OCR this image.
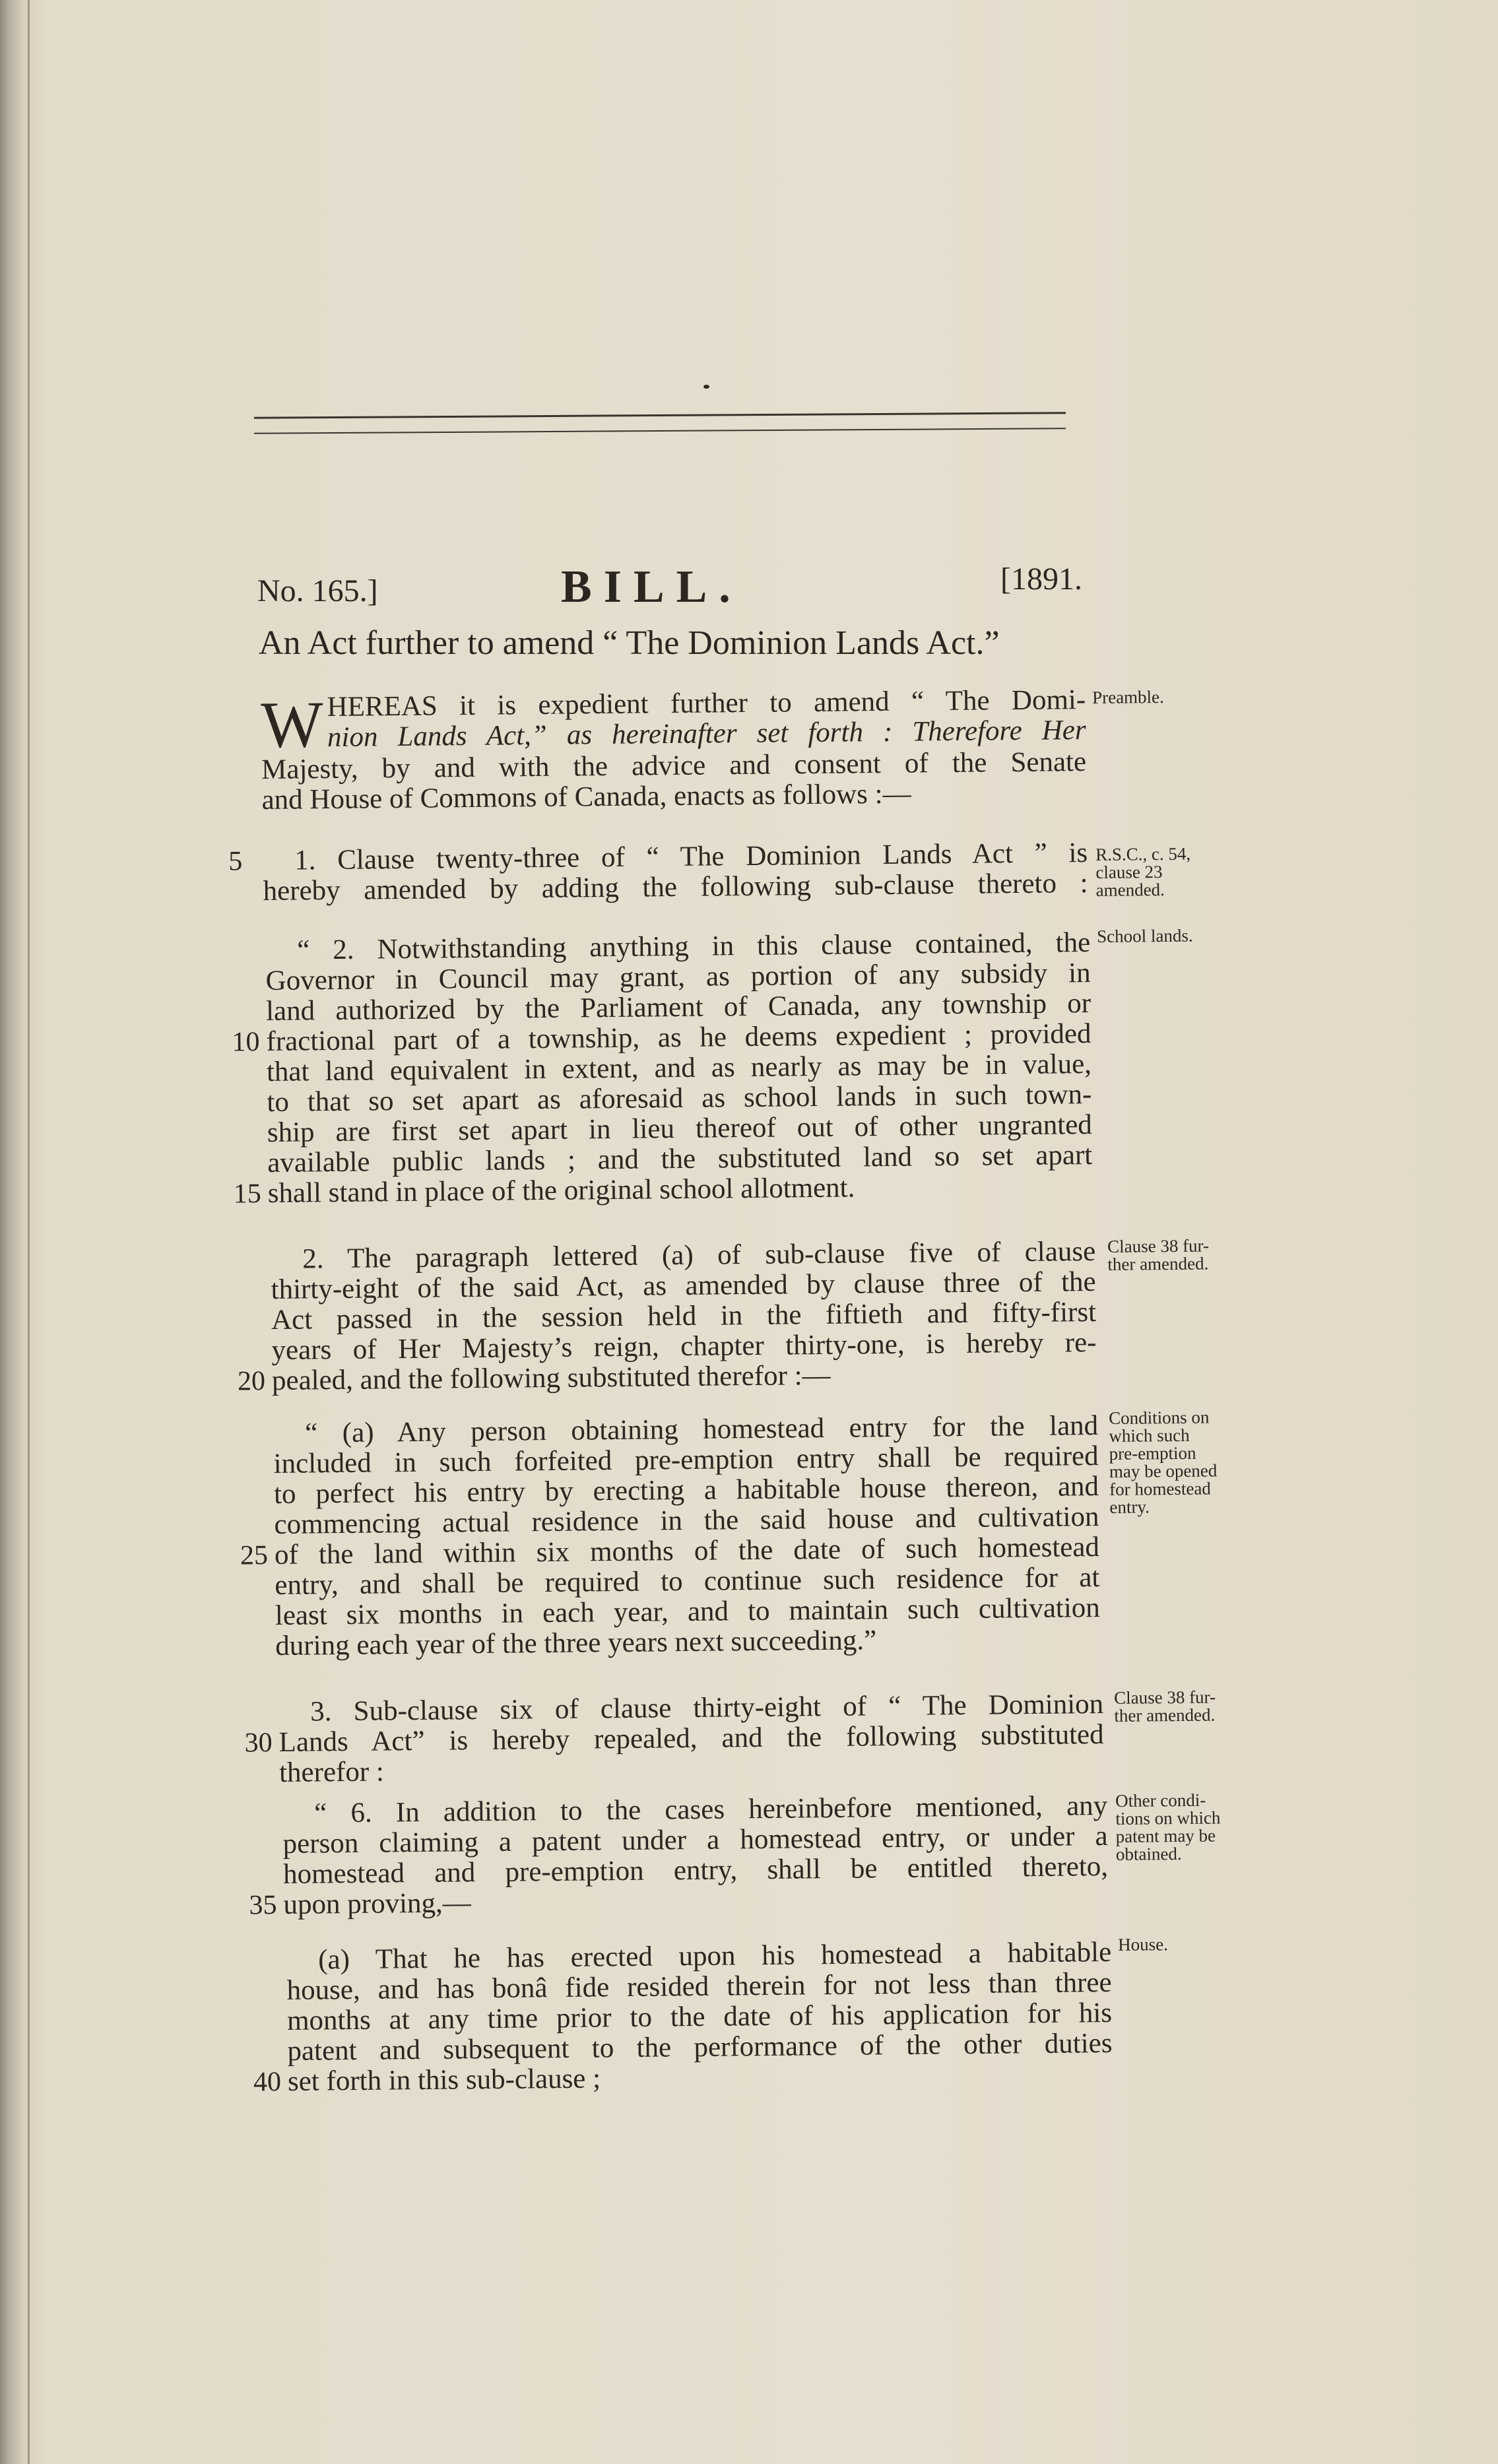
No. 165.]	BILL.	[1891.
An Act further to amend “ The Dominion Lands Act.”
W HEREAS it is expedient further to amend “ The Domi-
nion Lands Act,” as hereinafter set forth : Therefore Her
Majesty, by and with the advice and consent of the Senate
and House of Commons of Canada, enacts as follows :—
Preamble.
5 1. Clause twenty-three of “ The Dominion Lands Act ” is
hereby amended by adding the following sub-clause thereto :
R.S.C., c. 54,
clause 23
amended.
“ 2. Notwithstanding anything in this clause contained, the
Governor in Council may grant, as portion of any subsidy in
land authorized by the Parliament of Canada, any township or
10 fractional part of a township, as he deems expedient ; provided
that land equivalent in extent, and as nearly as may be in value,
to that so set apart as aforesaid as school lands in such town-
ship are first set apart in lieu thereof out of other ungranted
available public lands ; and the substituted land so set apart
15 shall stand in place of the original school allotment.
School lands.
2. The paragraph lettered (a) of sub-clause five of clause
thirty-eight of the said Act, as amended by clause three of the
Act passed in the session held in the fiftieth and fifty-first
years of Her Majesty’s reign, chapter thirty-one, is hereby re-
20 pealed, and the following substituted therefor :—
Clause 38 fur-
ther amended.
“ (a) Any person obtaining homestead entry for the land
included in such forfeited pre-emption entry shall be required
to perfect his entry by erecting a habitable house thereon, and
commencing actual residence in the said house and cultivation
25 of the land within six months of the date of such homestead
entry, and shall be required to continue such residence for at
least six months in each year, and to maintain such cultivation
during each year of the three years next succeeding.”
Conditions on
which such
pre-emption
may be opened
for homestead
entry.
3. Sub-clause six of clause thirty-eight of “ The Dominion
30 Lands Act” is hereby repealed, and the following substituted
therefor :
Clause 38 fur-
ther amended.
“ 6. In addition to the cases hereinbefore mentioned, any
person claiming a patent under a homestead entry, or under a
homestead and pre-emption entry, shall be entitled thereto,
35 upon proving,—
Other condi-
tions on which
patent may be
obtained.
(a) That he has erected upon his homestead a habitable
house, and has bonâ fide resided therein for not less than three
months at any time prior to the date of his application for his
patent and subsequent to the performance of the other duties
40 set forth in this sub-clause ;
House.
